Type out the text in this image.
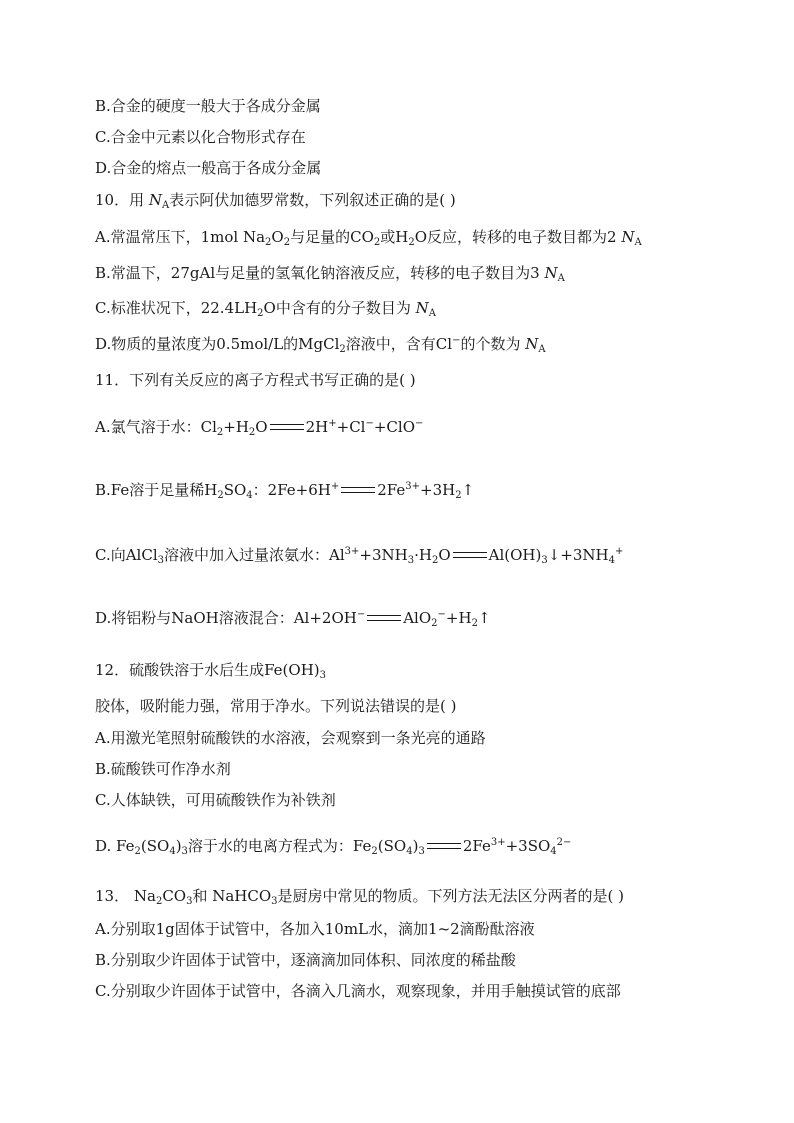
B.合金的硬度一般大于各成分金属
C.合金中元素以化合物形式存在
D.合金的熔点一般高于各成分金属
10．用 $N_A$表示阿伏加德罗常数，下列叙述正确的是( )
A.常温常压下，1mol $Na_2O_2$与足量的$CO_2$或$H_2O$反应，转移的电子数目都为2 $N_A$
B.常温下，27gAl与足量的氢氧化钠溶液反应，转移的电子数目为3 $N_A$
C.标准状况下，$22.4LH_2O$中含有的分子数目为 $N_A$
D.物质的量浓度为0.5mol/L的MgCl$_2$溶液中，含有Cl−的个数为 $N_A$
11．下列有关反应的离子方程式书写正确的是( )
A.氯气溶于水：$Cl_2+H_2O$	2H++Cl−+ClO−
B.Fe溶于足量稀$H_2SO_4$：2Fe+6H+	$2Fe^{3+}+3H_2↑$
C.向AlCl$_3$溶液中加入过量浓氨水：$Al^{3+}+3NH_3\cdot H_2O$	$Al(OH)_3↓+3NH_4^+$
D.将铝粉与NaOH溶液混合：Al+2OH−	$AlO_2^-+H_2↑$
12．硫酸铁溶于水后生成$Fe(OH)_3$
胶体，吸附能力强，常用于净水。下列说法错误的是( )
A.用激光笔照射硫酸铁的水溶液，会观察到一条光亮的通路
B.硫酸铁可作净水剂
C.人体缺铁，可用硫酸铁作为补铁剂
D. $Fe_2(SO_4)_3$溶于水的电离方程式为：$Fe_2(SO_4)_3$	$2Fe^{3+}+3SO_4^{2-}$
13． $Na_2CO_3$和 NaHCO$_3$是厨房中常见的物质。下列方法无法区分两者的是( )
A.分别取1g固体于试管中，各加入10mL水，滴加1~2滴酚酞溶液
B.分别取少许固体于试管中，逐滴滴加同体积、同浓度的稀盐酸
C.分别取少许固体于试管中，各滴入几滴水，观察现象，并用手触摸试管的底部
